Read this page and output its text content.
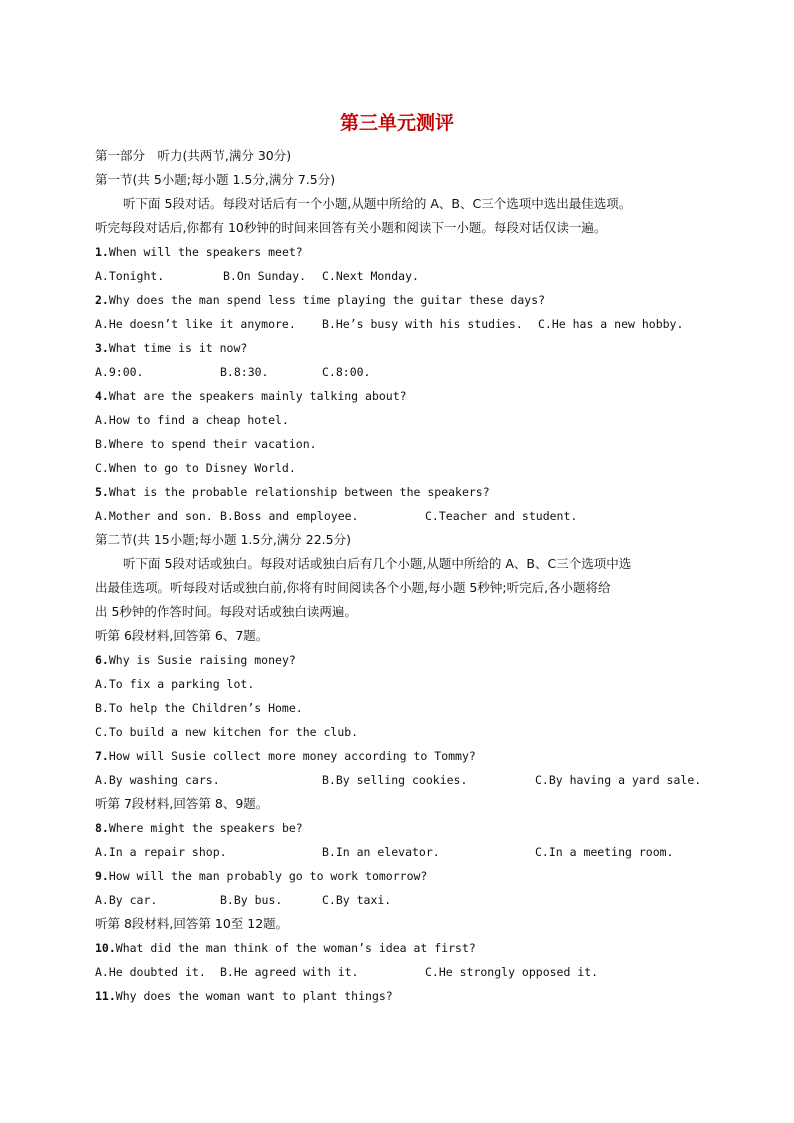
第三单元测评
第一部分　听力(共两节,满分 30分)
第一节(共 5小题;每小题 1.5分,满分 7.5分)
听下面 5段对话。每段对话后有一个小题,从题中所给的 A、B、C三个选项中选出最佳选项。
听完每段对话后,你都有 10秒钟的时间来回答有关小题和阅读下一小题。每段对话仅读一遍。
1.When will the speakers meet?
A.Tonight.	B.On Sunday. C.Next Monday.
2.Why does the man spend less time playing the guitar these days?
A.He doesn’t like it anymore. B.He’s busy with his studies. C.He has a new hobby.
3.What time is it now?
A.9:00.	B.8:30.	C.8:00.
4.What are the speakers mainly talking about?
A.How to find a cheap hotel.
B.Where to spend their vacation.
C.When to go to Disney World.
5.What is the probable relationship between the speakers?
A.Mother and son. B.Boss and employee.	C.Teacher and student.
第二节(共 15小题;每小题 1.5分,满分 22.5分)
听下面 5段对话或独白。每段对话或独白后有几个小题,从题中所给的 A、B、C三个选项中选
出最佳选项。听每段对话或独白前,你将有时间阅读各个小题,每小题 5秒钟;听完后,各小题将给
出 5秒钟的作答时间。每段对话或独白读两遍。
听第 6段材料,回答第 6、7题。
6.Why is Susie raising money?
A.To fix a parking lot.
B.To help the Children’s Home.
C.To build a new kitchen for the club.
7.How will Susie collect more money according to Tommy?
A.By washing cars.	B.By selling cookies.	C.By having a yard sale.
听第 7段材料,回答第 8、9题。
8.Where might the speakers be?
A.In a repair shop.	B.In an elevator.	C.In a meeting room.
9.How will the man probably go to work tomorrow?
A.By car.	B.By bus.	C.By taxi.
听第 8段材料,回答第 10至 12题。
10.What did the man think of the woman’s idea at first?
A.He doubted it. B.He agreed with it.	C.He strongly opposed it.
11.Why does the woman want to plant things?
